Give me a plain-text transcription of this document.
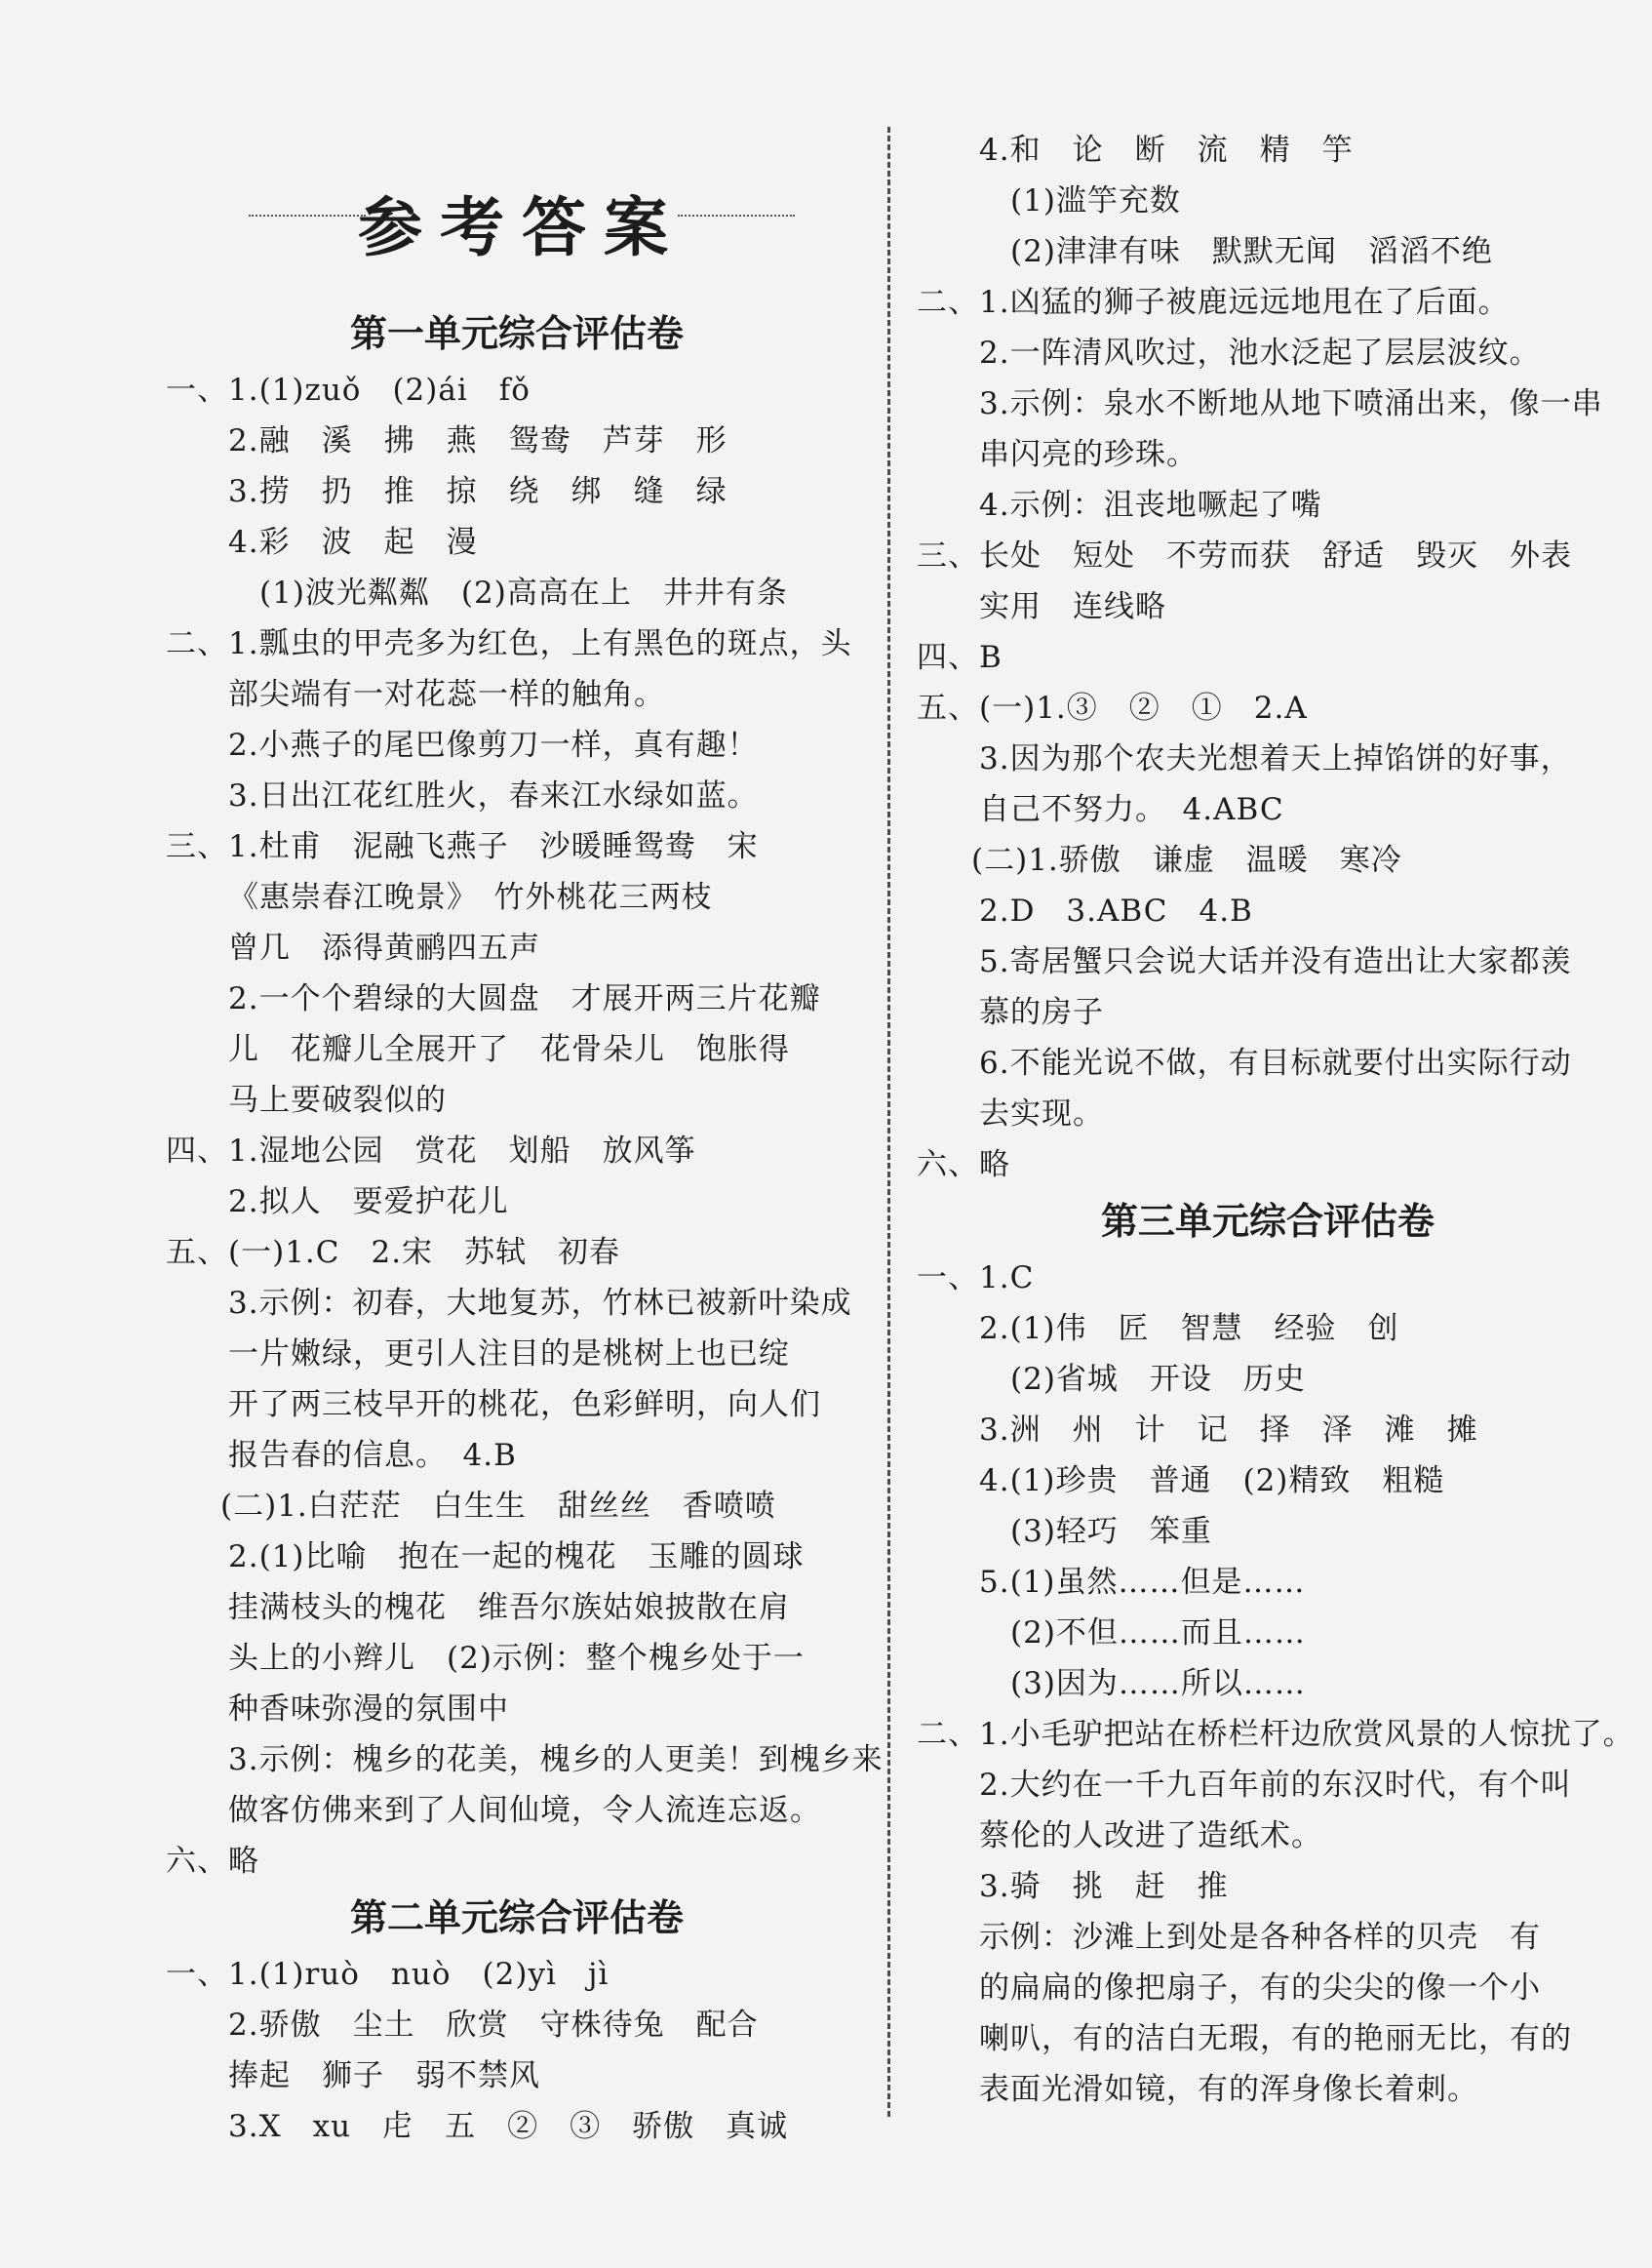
参考答案
第一单元综合评估卷
一、1.(1)zuǒ　(2)ái　fǒ
2.融　溪　拂　燕　鸳鸯　芦芽　形
3.捞　扔　推　掠　绕　绑　缝　绿
4.彩　波　起　漫
(1)波光粼粼　(2)高高在上　井井有条
二、1.瓢虫的甲壳多为红色，上有黑色的斑点，头
部尖端有一对花蕊一样的触角。
2.小燕子的尾巴像剪刀一样，真有趣！
3.日出江花红胜火，春来江水绿如蓝。
三、1.杜甫　泥融飞燕子　沙暖睡鸳鸯　宋
《惠崇春江晚景》　竹外桃花三两枝
曾几　添得黄鹂四五声
2.一个个碧绿的大圆盘　才展开两三片花瓣
儿　花瓣儿全展开了　花骨朵儿　饱胀得
马上要破裂似的
四、1.湿地公园　赏花　划船　放风筝
2.拟人　要爱护花儿
五、(一)1.C　2.宋　苏轼　初春
3.示例：初春，大地复苏，竹林已被新叶染成
一片嫩绿，更引人注目的是桃树上也已绽
开了两三枝早开的桃花，色彩鲜明，向人们
报告春的信息。　4.B
(二)1.白茫茫　白生生　甜丝丝　香喷喷
2.(1)比喻　抱在一起的槐花　玉雕的圆球
挂满枝头的槐花　维吾尔族姑娘披散在肩
头上的小辫儿　(2)示例：整个槐乡处于一
种香味弥漫的氛围中
3.示例：槐乡的花美，槐乡的人更美！到槐乡来
做客仿佛来到了人间仙境，令人流连忘返。
六、略
第二单元综合评估卷
一、1.(1)ruò　nuò　(2)yì　jì
2.骄傲　尘土　欣赏　守株待兔　配合
捧起　狮子　弱不禁风
3.X　xu　虍　五　②　③　骄傲　真诚
4.和　论　断　流　精　竽
(1)滥竽充数
(2)津津有味　默默无闻　滔滔不绝
二、1.凶猛的狮子被鹿远远地甩在了后面。
2.一阵清风吹过，池水泛起了层层波纹。
3.示例：泉水不断地从地下喷涌出来，像一串
串闪亮的珍珠。
4.示例：沮丧地噘起了嘴
三、长处　短处　不劳而获　舒适　毁灭　外表
实用　连线略
四、B
五、(一)1.③　②　①　2.A
3.因为那个农夫光想着天上掉馅饼的好事，
自己不努力。　4.ABC
(二)1.骄傲　谦虚　温暖　寒冷
2.D　3.ABC　4.B
5.寄居蟹只会说大话并没有造出让大家都羡
慕的房子
6.不能光说不做，有目标就要付出实际行动
去实现。
六、略
第三单元综合评估卷
一、1.C
2.(1)伟　匠　智慧　经验　创
(2)省城　开设　历史
3.洲　州　计　记　择　泽　滩　摊
4.(1)珍贵　普通　(2)精致　粗糙
(3)轻巧　笨重
5.(1)虽然……但是……
(2)不但……而且……
(3)因为……所以……
二、1.小毛驴把站在桥栏杆边欣赏风景的人惊扰了。
2.大约在一千九百年前的东汉时代，有个叫
蔡伦的人改进了造纸术。
3.骑　挑　赶　推
示例：沙滩上到处是各种各样的贝壳　有
的扁扁的像把扇子，有的尖尖的像一个小
喇叭，有的洁白无瑕，有的艳丽无比，有的
表面光滑如镜，有的浑身像长着刺。
